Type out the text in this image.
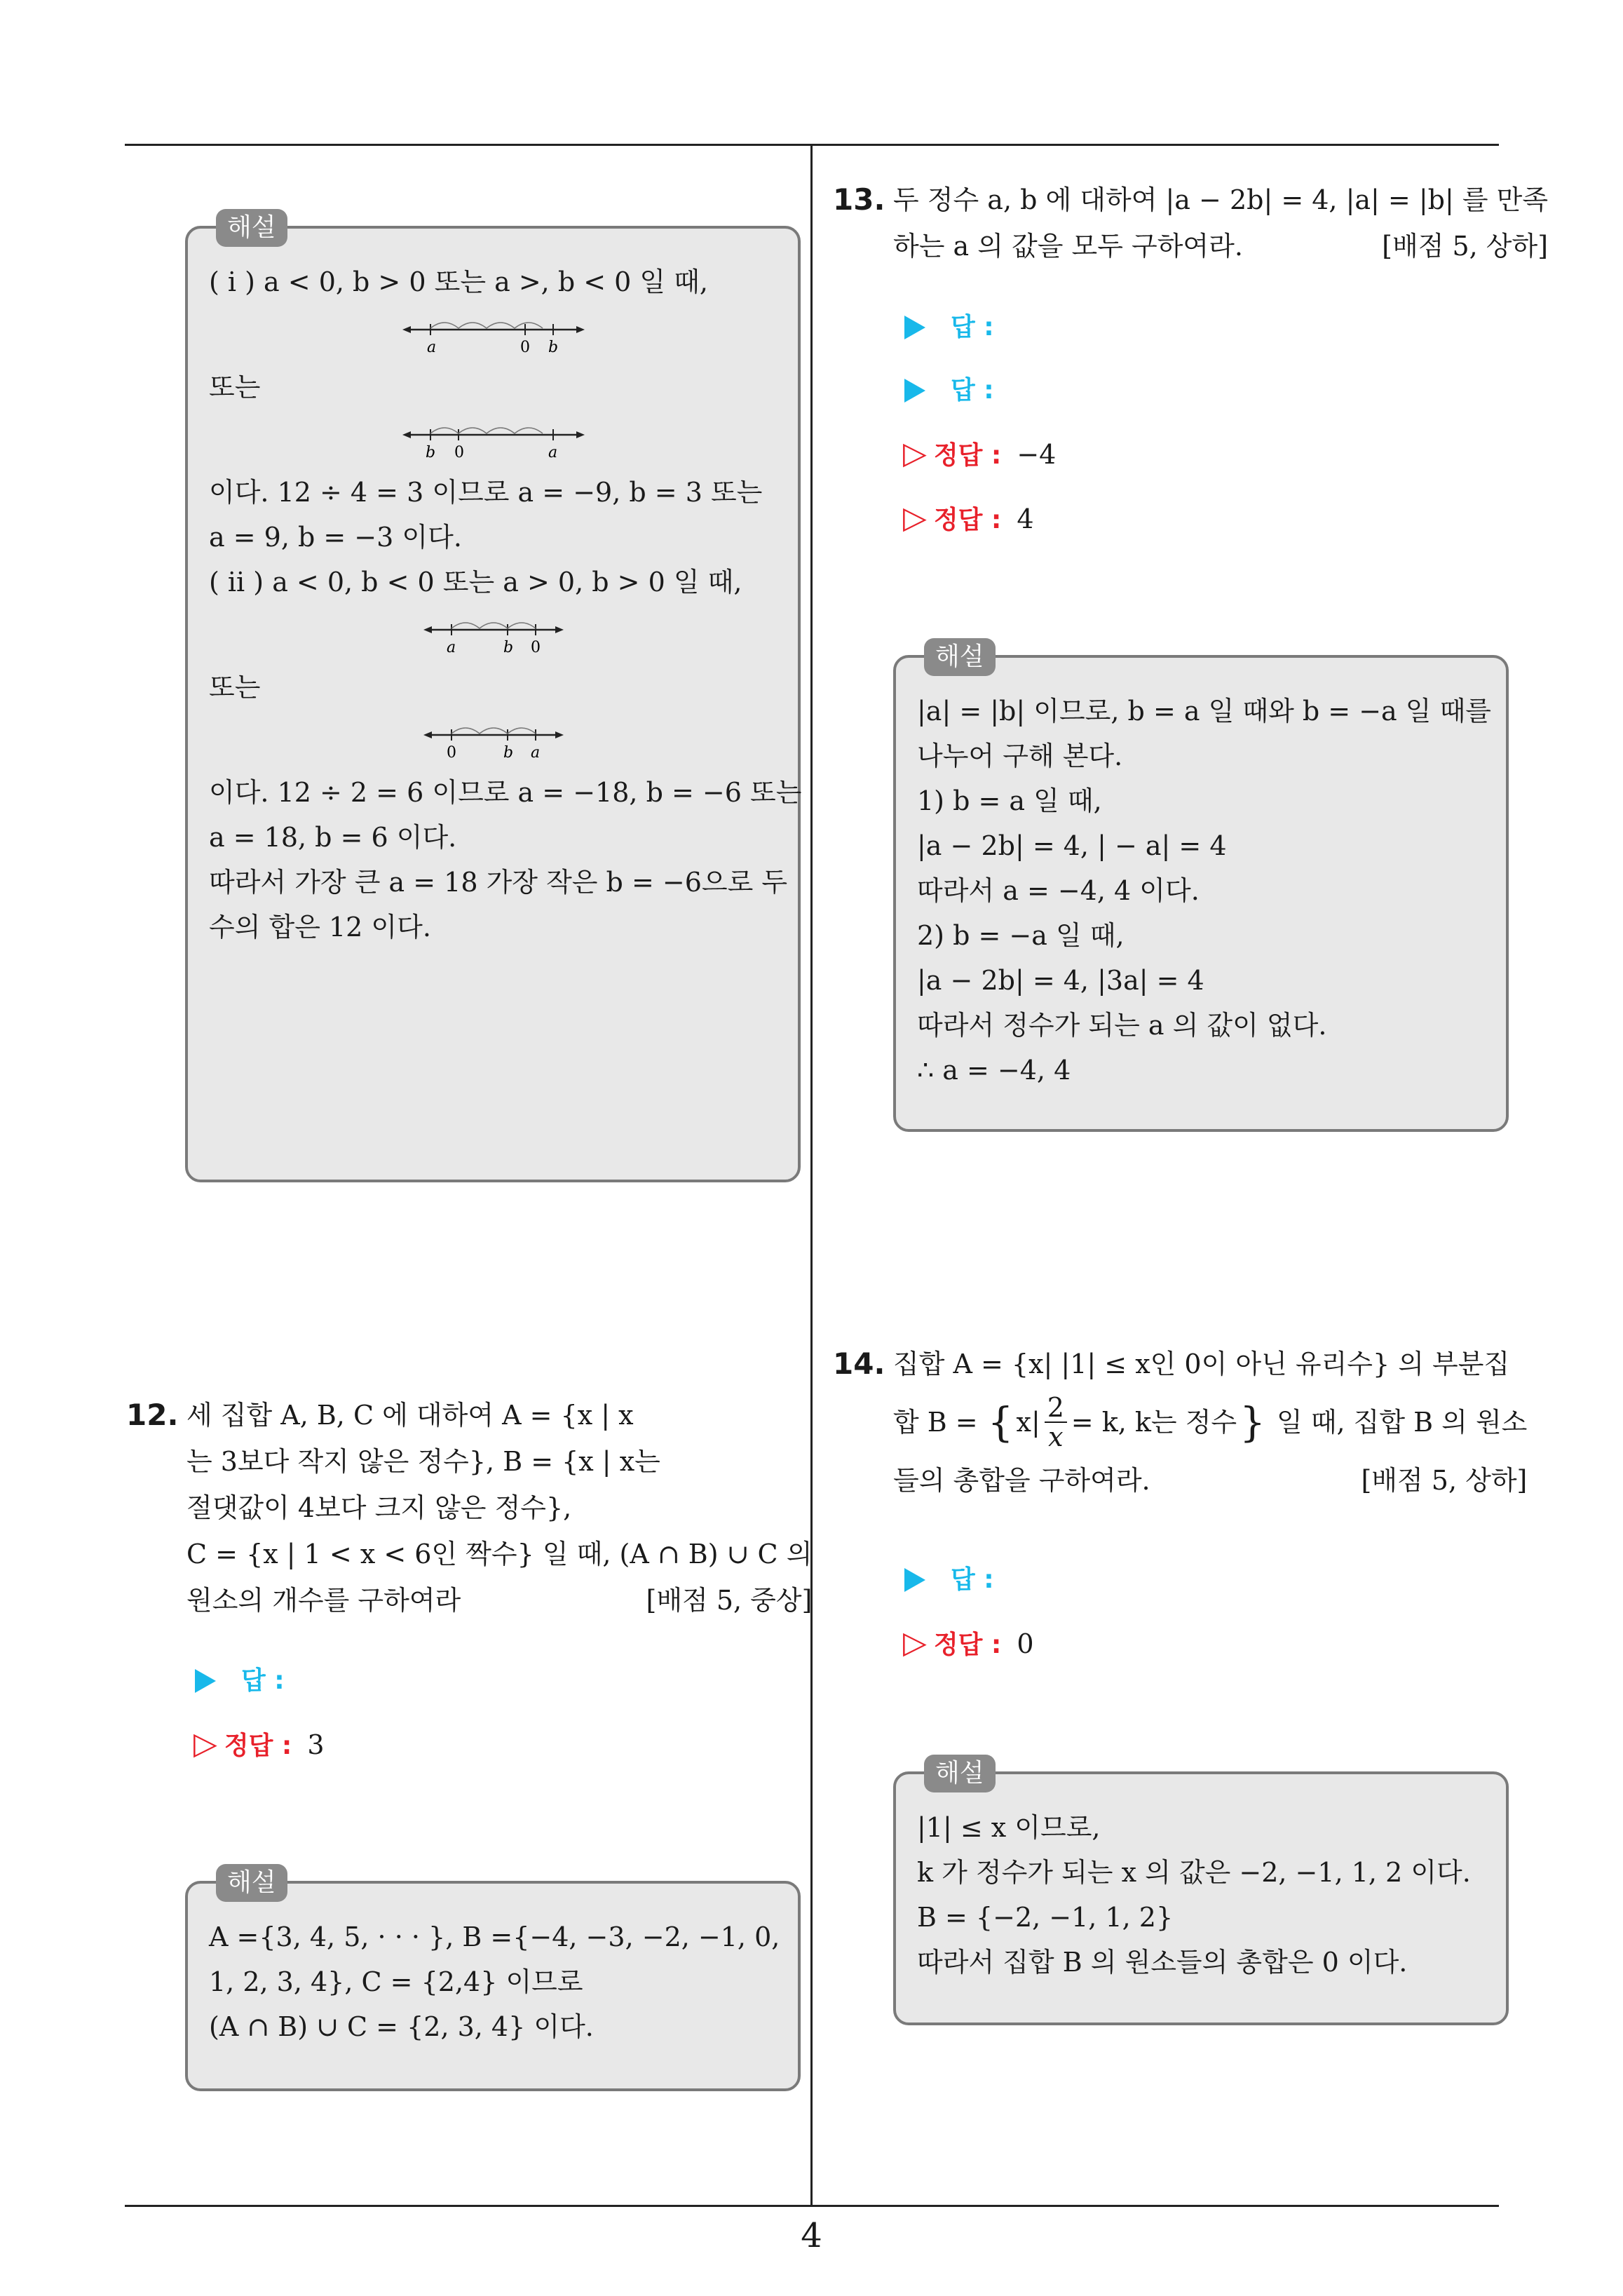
해설
( i ) a < 0, b > 0 또는 a >, b < 0 일 때,
a	0 b
또는
b 0	a
이다. 12 ÷ 4 = 3 이므로 a = −9, b = 3 또는
a = 9, b = −3 이다.
( ii ) a < 0, b < 0 또는 a > 0, b > 0 일 때,
a	b 0
또는
0	b a
이다. 12 ÷ 2 = 6 이므로 a = −18, b = −6 또는
a = 18, b = 6 이다.
따라서 가장 큰 a = 18 가장 작은 b = −6으로 두
수의 합은 12 이다.
12. 세 집합 A, B, C 에 대하여 A = {x | x
는 3보다 작지 않은 정수}, B = {x | x는
절댓값이 4보다 크지 않은 정수},
C = {x | 1 < x < 6인 짝수} 일 때, (A ∩ B) ∪ C 의
원소의 개수를 구하여라	[배점 5, 중상]
답 :
▷ 정답 : 3
해설
A ={3, 4, 5, · · · }, B ={−4, −3, −2, −1, 0,
1, 2, 3, 4}, C = {2,4} 이므로
(A ∩ B) ∪ C = {2, 3, 4} 이다.
13. 두 정수 a, b 에 대하여 |a − 2b| = 4, |a| = |b| 를 만족
하는 a 의 값을 모두 구하여라.	[배점 5, 상하]
답 :
답 :
▷ 정답 : −4
▷ 정답 : 4
해설
|a| = |b| 이므로, b = a 일 때와 b = −a 일 때를
나누어 구해 본다.
1) b = a 일 때,
|a − 2b| = 4, | − a| = 4
따라서 a = −4, 4 이다.
2) b = −a 일 때,
|a − 2b| = 4, |3a| = 4
따라서 정수가 되는 a 의 값이 없다.
∴ a = −4, 4
14. 집합 A = {x| |1| ≤ x인 0이 아닌 유리수} 의 부분집
합 B = { x| 2
x = k, k는 정수 } 일 때, 집합 B 의 원소
들의 총합을 구하여라.	[배점 5, 상하]
답 :
▷ 정답 : 0
해설
|1| ≤ x 이므로,
k 가 정수가 되는 x 의 값은 −2, −1, 1, 2 이다.
B = {−2, −1, 1, 2}
따라서 집합 B 의 원소들의 총합은 0 이다.
4
